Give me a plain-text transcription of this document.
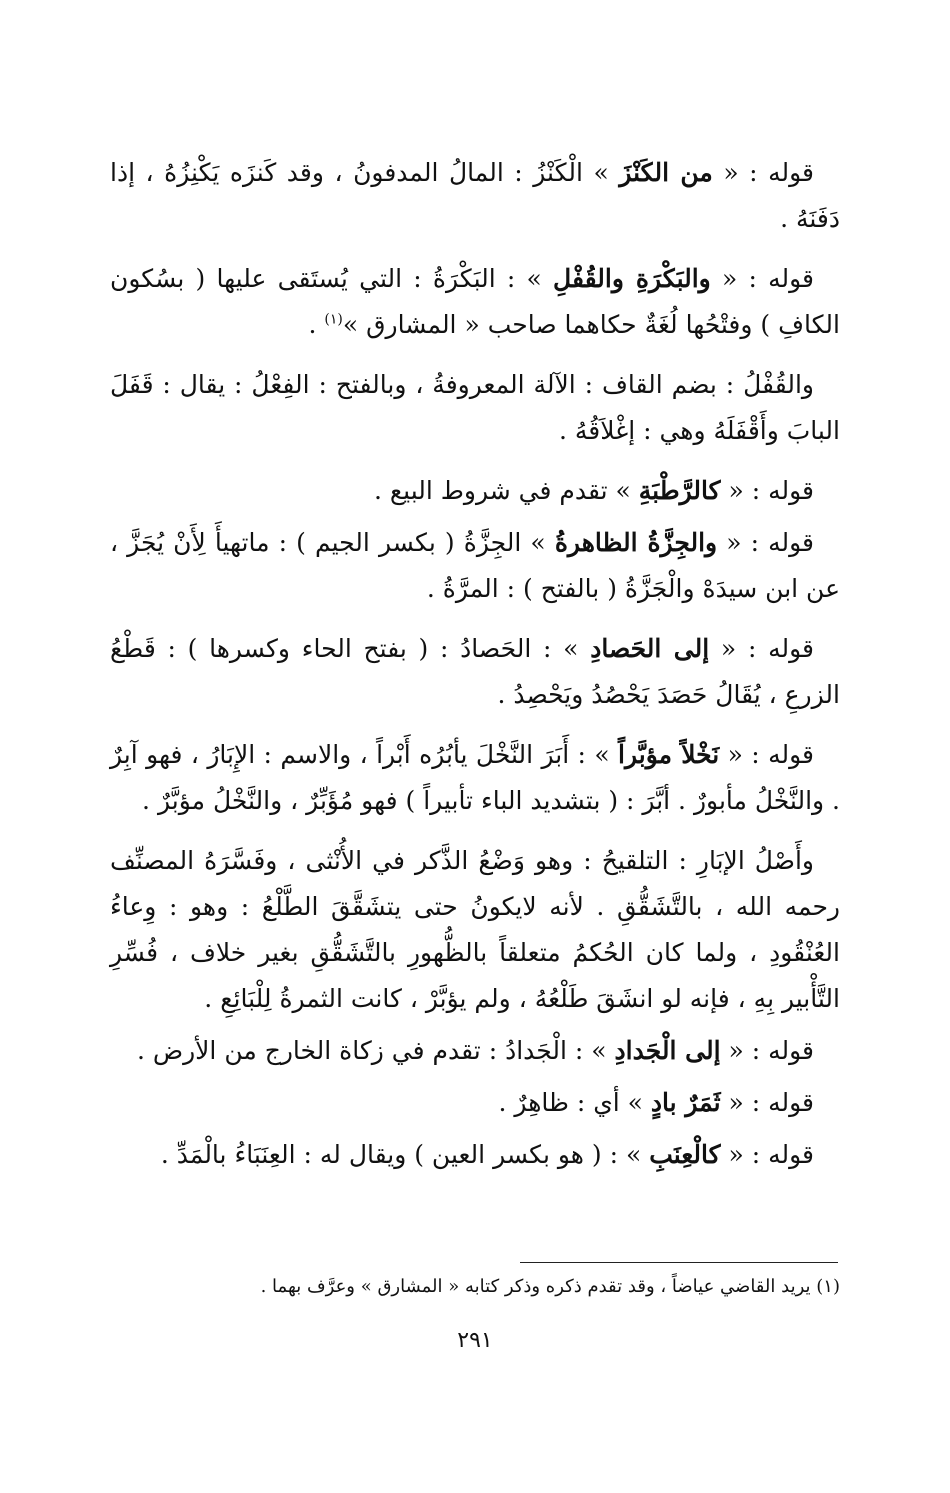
قوله : « من الكَنْزَ » الْكَنْزُ : المالُ المدفونُ ، وقد كَنزَه يَكْنِزُهُ ، إذا دَفَنَهُ .

قوله : « والبَكْرَةِ والقُفْلِ » : البَكْرَةُ : التي يُستَقى عليها ( بسُكون الكافِ ) وفتْحُها لُغَةٌ حكاهما صاحب « المشارق »$^{(١)}$ .

والقُفْلُ : بضم القاف : الآلة المعروفةُ ، وبالفتح : الفِعْلُ : يقال : قَفَلَ البابَ وأَقْفَلَهُ وهي : إغْلاَقُهُ .

قوله : « كالرَّطْبَةِ » تقدم في شروط البيع .

قوله : « والجِزَّةُ الظاهرةُ » الجِزَّةُ ( بكسر الجيم ) : ماتهيأَ لِأَنْ يُجَزَّ ، عن ابن سيدَهْ والْجَزَّةُ ( بالفتح ) : المرَّةُ .

قوله : « إلى الحَصادِ » : الحَصادُ : ( بفتح الحاء وكسرها ) : قَطْعُ الزرعِ ، يُقَالُ حَصَدَ يَحْصُدُ ويَحْصِدُ .

قوله : « نَخْلاً مؤبَّراً » : أَبَرَ النَّخْلَ يأبُرُه أَبْراً ، والاسم : الإِبَارُ ، فهو آبِرٌ . والنَّخْلُ مأبورٌ . أبَّرَ : ( بتشديد الباء تأبيراً ) فهو مُؤَبِّرٌ ، والنَّخْلُ مؤبَّرٌ .

وأَصْلُ الإبَارِ : التلقيحُ : وهو وَضْعُ الذَّكر في الأُنْثى ، وفَسَّرَهُ المصنِّف رحمه الله ، بالتَّشَقُّقِ . لأنه لايكونُ حتى يتشَقَّقَ الطَّلْعُ : وهو : وِعاءُ العُنْقُودِ ، ولما كان الحُكمُ متعلقاً بالظُّهورِ بالتَّشَقُّقِ بغير خلاف ، فُسِّرِ التَّأْبير بِهِ ، فإنه لو انشَقَ طَلْعُهُ ، ولم يؤبَّرْ ، كانت الثمرةُ لِلْبَائِعِ .

قوله : « إلى الْجَدادِ » : الْجَدادُ : تقدم في زكاة الخارج من الأرض .

قوله : « ثَمَرٌ بادٍ » أي : ظاهِرٌ .

قوله : « كالْعِنَبِ » : ( هو بكسر العين ) ويقال له : العِنَبَاءُ بالْمَدِّ .

(١) يريد القاضي عياضاً ، وقد تقدم ذكره وذكر كتابه « المشارق » وعرَّف بهما .
٢٩١
